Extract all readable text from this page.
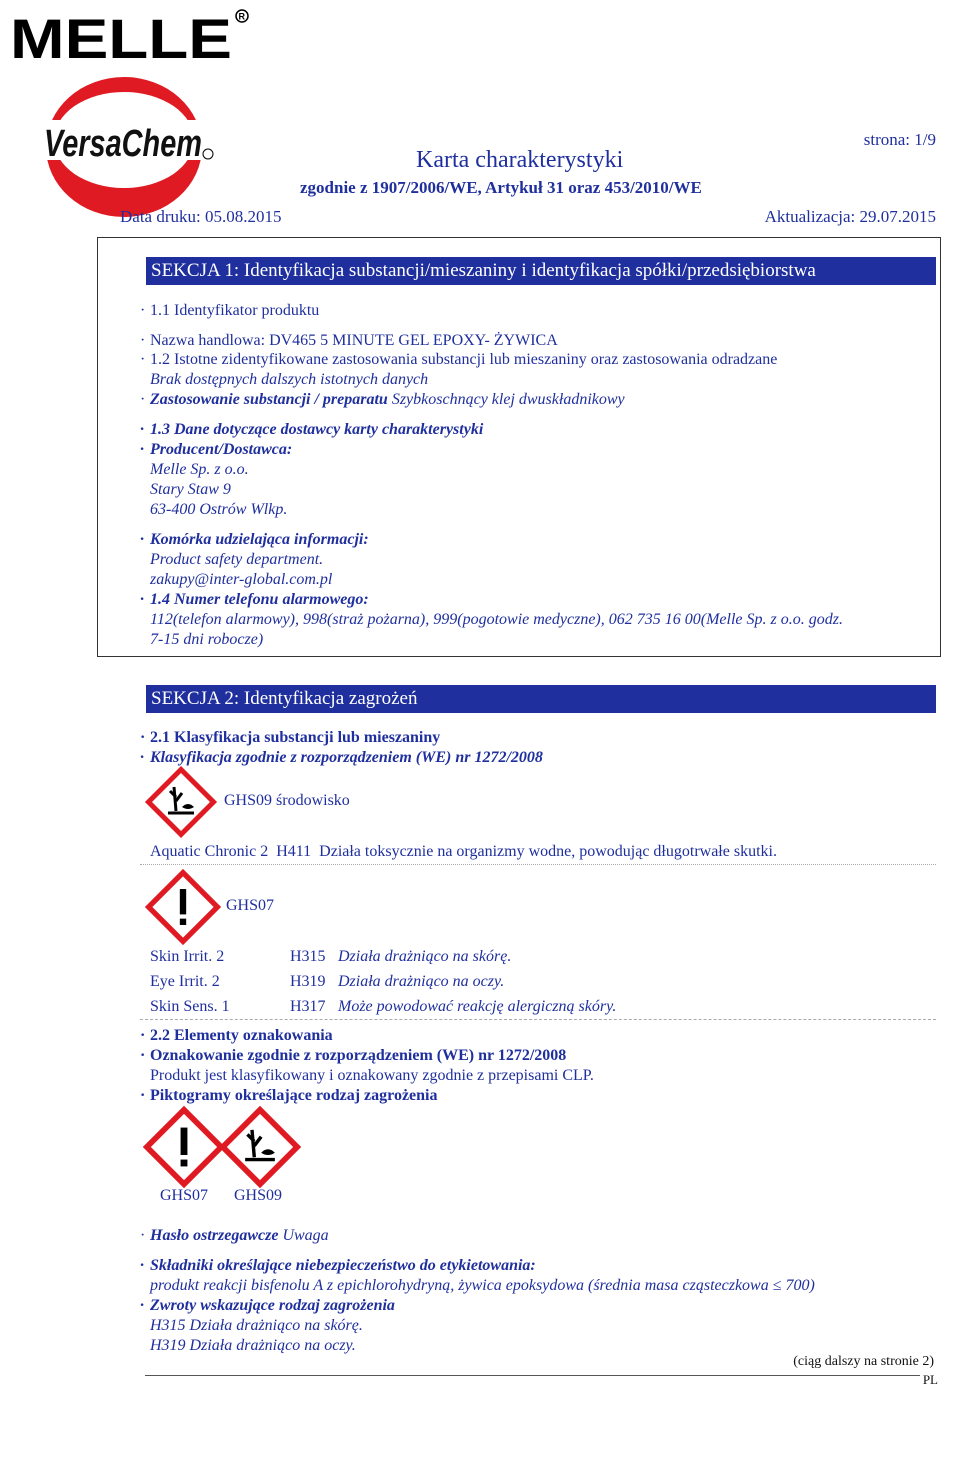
MELLE R
VersaChem	strona: 1/9
Karta charakterystyki
zgodnie z 1907/2006/WE, Artykuł 31 oraz 453/2010/WE
Data druku: 05.08.2015	Aktualizacja: 29.07.2015
SEKCJA 1: Identyfikacja substancji/mieszaniny i identyfikacja spółki/przedsiębiorstwa
· 1.1 Identyfikator produktu
· Nazwa handlowa: DV465 5 MINUTE GEL EPOXY- ŻYWICA
· 1.2 Istotne zidentyfikowane zastosowania substancji lub mieszaniny oraz zastosowania odradzane
Brak dostępnych dalszych istotnych danych
· Zastosowanie substancji / preparatu Szybkoschnący klej dwuskładnikowy
· 1.3 Dane dotyczące dostawcy karty charakterystyki
· Producent/Dostawca:
Melle Sp. z o.o.
Stary Staw 9
63-400 Ostrów Wlkp.
· Komórka udzielająca informacji:
Product safety department.
zakupy@inter-global.com.pl
· 1.4 Numer telefonu alarmowego:
112(telefon alarmowy), 998(straż pożarna), 999(pogotowie medyczne), 062 735 16 00(Melle Sp. z o.o. godz.
7-15 dni robocze)
SEKCJA 2: Identyfikacja zagrożeń
· 2.1 Klasyfikacja substancji lub mieszaniny
· Klasyfikacja zgodnie z rozporządzeniem (WE) nr 1272/2008
GHS09 środowisko
Aquatic Chronic 2  H411  Działa toksycznie na organizmy wodne, powodując długotrwałe skutki.
GHS07
Skin Irrit. 2	H315 Działa drażniąco na skórę.
Eye Irrit. 2	H319 Działa drażniąco na oczy.
Skin Sens. 1	H317 Może powodować reakcję alergiczną skóry.
· 2.2 Elementy oznakowania
· Oznakowanie zgodnie z rozporządzeniem (WE) nr 1272/2008
Produkt jest klasyfikowany i oznakowany zgodnie z przepisami CLP.
· Piktogramy określające rodzaj zagrożenia
GHS07 GHS09
· Hasło ostrzegawcze Uwaga
· Składniki określające niebezpieczeństwo do etykietowania:
produkt reakcji bisfenolu A z epichlorohydryną, żywica epoksydowa (średnia masa cząsteczkowa ≤ 700)
· Zwroty wskazujące rodzaj zagrożenia
H315 Działa drażniąco na skórę.
H319 Działa drażniąco na oczy.
(ciąg dalszy na stronie 2)
PL
